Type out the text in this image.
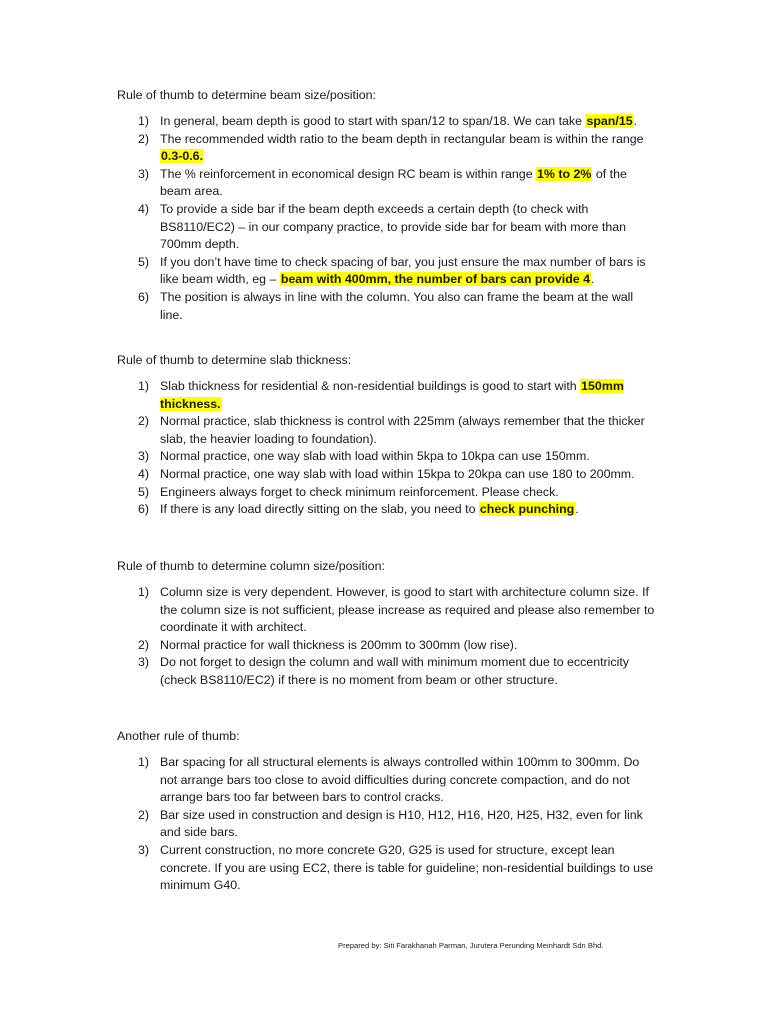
Rule of thumb to determine beam size/position:
1) In general, beam depth is good to start with span/12 to span/18. We can take span/15.
2) The recommended width ratio to the beam depth in rectangular beam is within the range 0.3-0.6.
3) The % reinforcement in economical design RC beam is within range 1% to 2% of the beam area.
4) To provide a side bar if the beam depth exceeds a certain depth (to check with BS8110/EC2) – in our company practice, to provide side bar for beam with more than 700mm depth.
5) If you don’t have time to check spacing of bar, you just ensure the max number of bars is like beam width, eg – beam with 400mm, the number of bars can provide 4.
6) The position is always in line with the column. You also can frame the beam at the wall line.
Rule of thumb to determine slab thickness:
1) Slab thickness for residential & non-residential buildings is good to start with 150mm thickness.
2) Normal practice, slab thickness is control with 225mm (always remember that the thicker slab, the heavier loading to foundation).
3) Normal practice, one way slab with load within 5kpa to 10kpa can use 150mm.
4) Normal practice, one way slab with load within 15kpa to 20kpa can use 180 to 200mm.
5) Engineers always forget to check minimum reinforcement. Please check.
6) If there is any load directly sitting on the slab, you need to check punching.
Rule of thumb to determine column size/position:
1) Column size is very dependent. However, is good to start with architecture column size. If the column size is not sufficient, please increase as required and please also remember to coordinate it with architect.
2) Normal practice for wall thickness is 200mm to 300mm (low rise).
3) Do not forget to design the column and wall with minimum moment due to eccentricity (check BS8110/EC2) if there is no moment from beam or other structure.
Another rule of thumb:
1) Bar spacing for all structural elements is always controlled within 100mm to 300mm. Do not arrange bars too close to avoid difficulties during concrete compaction, and do not arrange bars too far between bars to control cracks.
2) Bar size used in construction and design is H10, H12, H16, H20, H25, H32, even for link and side bars.
3) Current construction, no more concrete G20, G25 is used for structure, except lean concrete. If you are using EC2, there is table for guideline; non-residential buildings to use minimum G40.
Prepared by: Siti Farakhanah Parman, Jurutera Perunding Meinhardt Sdn Bhd.
